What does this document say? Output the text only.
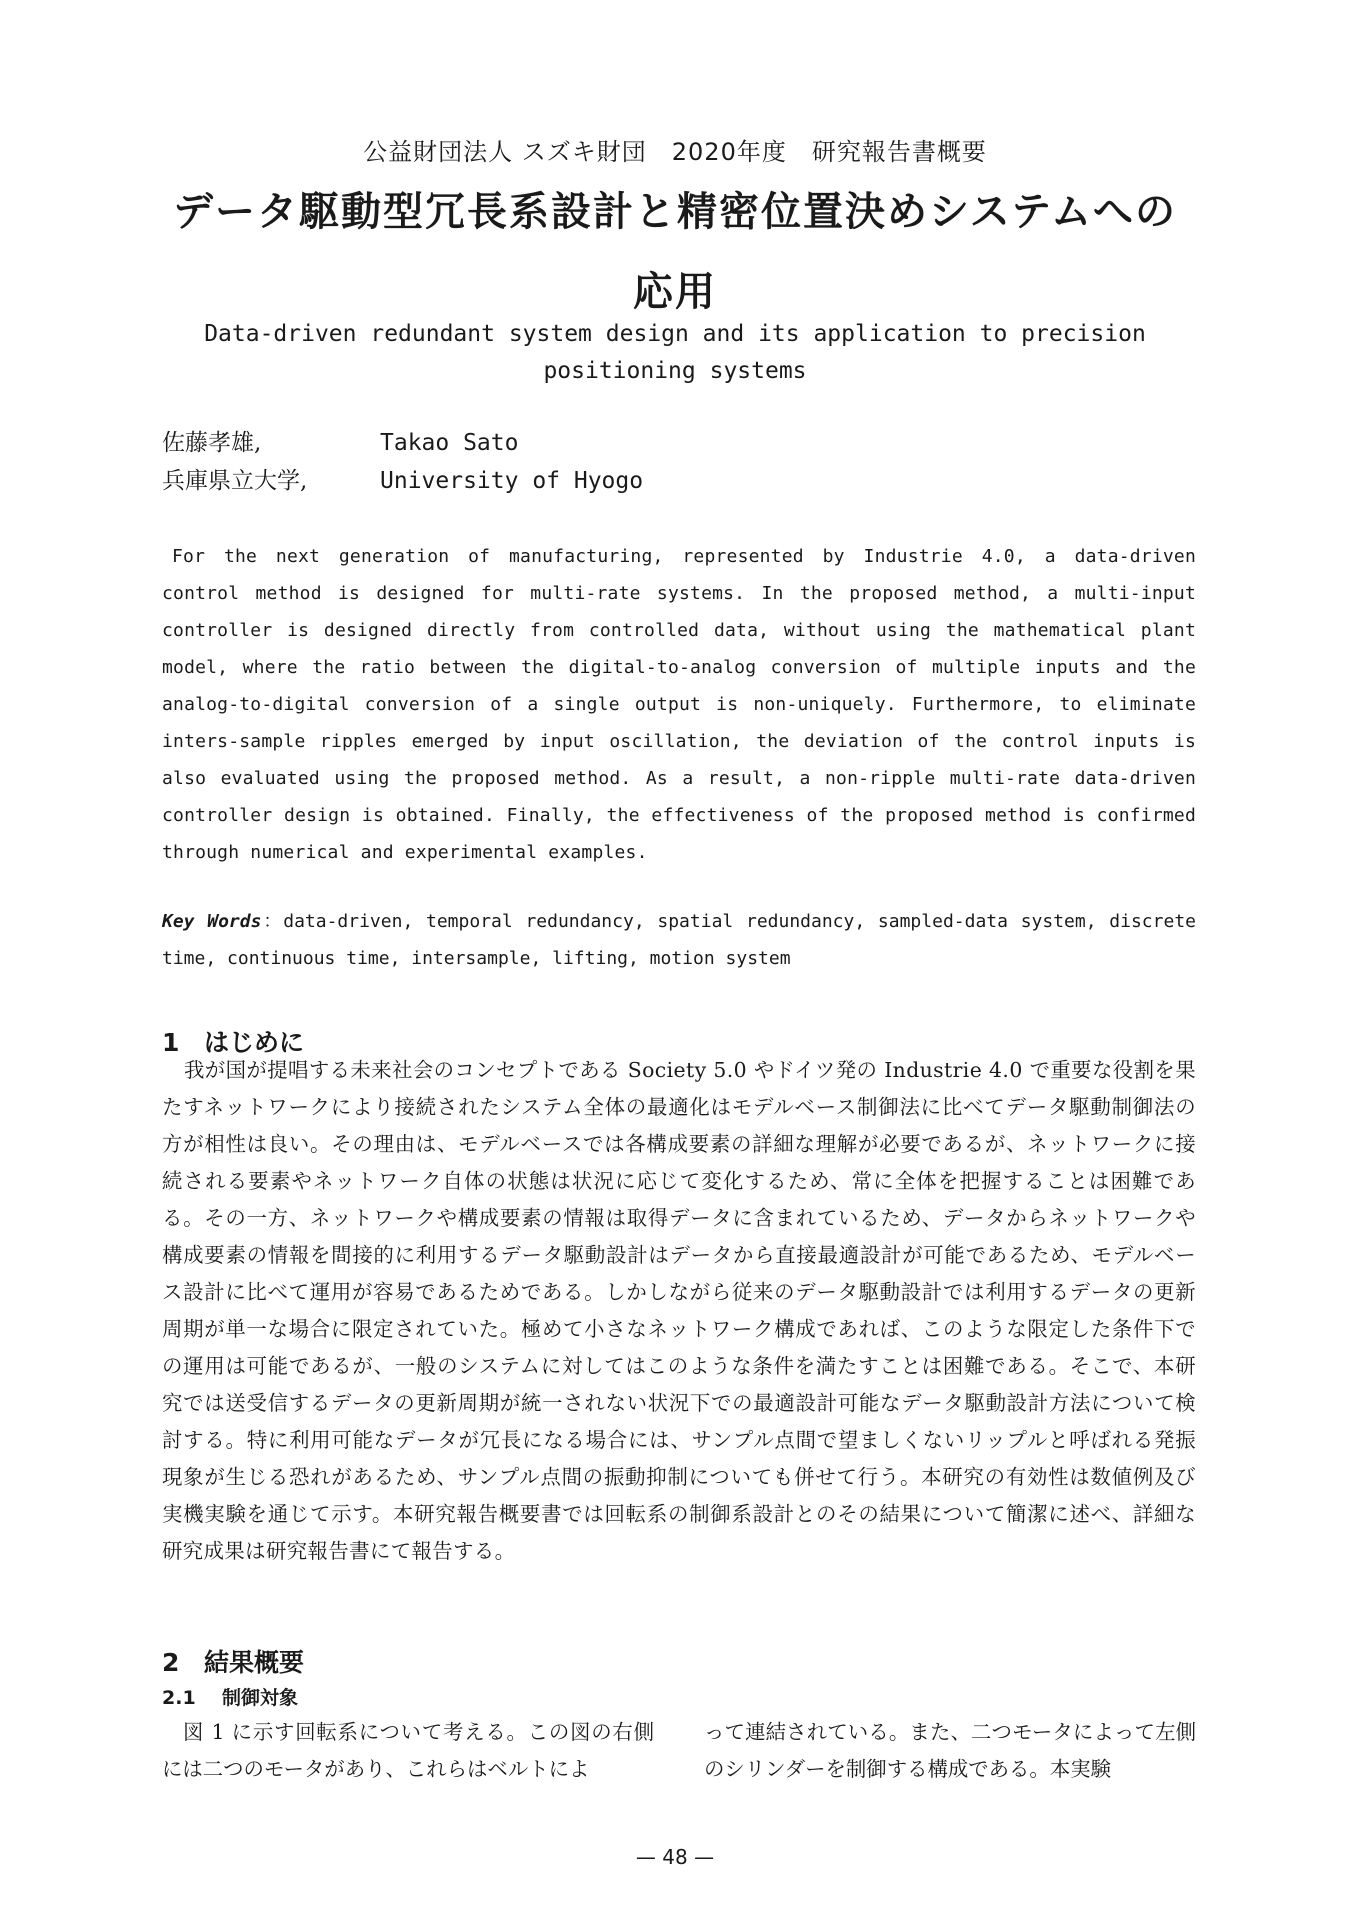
公益財団法人 スズキ財団　2020年度　研究報告書概要
データ駆動型冗長系設計と精密位置決めシステムへの応用
Data-driven redundant system design and its application to precision positioning systems
佐藤孝雄,	Takao Sato
兵庫県立大学,	University of Hyogo
For the next generation of manufacturing, represented by Industrie 4.0, a data-driven control method is designed for multi-rate systems. In the proposed method, a multi-input controller is designed directly from controlled data, without using the mathematical plant model, where the ratio between the digital-to-analog conversion of multiple inputs and the analog-to-digital conversion of a single output is non-uniquely. Furthermore, to eliminate inters-sample ripples emerged by input oscillation, the deviation of the control inputs is also evaluated using the proposed method. As a result, a non-ripple multi-rate data-driven controller design is obtained. Finally, the effectiveness of the proposed method is confirmed through numerical and experimental examples.
Key Words：data-driven, temporal redundancy, spatial redundancy, sampled-data system, discrete time, continuous time, intersample, lifting, motion system
1 はじめに
我が国が提唱する未来社会のコンセプトである Society 5.0 やドイツ発の Industrie 4.0 で重要な役割を果たすネットワークにより接続されたシステム全体の最適化はモデルベース制御法に比べてデータ駆動制御法の方が相性は良い。その理由は、モデルベースでは各構成要素の詳細な理解が必要であるが、ネットワークに接続される要素やネットワーク自体の状態は状況に応じて変化するため、常に全体を把握することは困難である。その一方、ネットワークや構成要素の情報は取得データに含まれているため、データからネットワークや構成要素の情報を間接的に利用するデータ駆動設計はデータから直接最適設計が可能であるため、モデルベース設計に比べて運用が容易であるためである。しかしながら従来のデータ駆動設計では利用するデータの更新周期が単一な場合に限定されていた。極めて小さなネットワーク構成であれば、このような限定した条件下での運用は可能であるが、一般のシステムに対してはこのような条件を満たすことは困難である。そこで、本研究では送受信するデータの更新周期が統一されない状況下での最適設計可能なデータ駆動設計方法について検討する。特に利用可能なデータが冗長になる場合には、サンプル点間で望ましくないリップルと呼ばれる発振現象が生じる恐れがあるため、サンプル点間の振動抑制についても併せて行う。本研究の有効性は数値例及び実機実験を通じて示す。本研究報告概要書では回転系の制御系設計とのその結果について簡潔に述べ、詳細な研究成果は研究報告書にて報告する。
2 結果概要
2.1 制御対象
図 1 に示す回転系について考える。この図の右側には二つのモータがあり、これらはベルトによ
って連結されている。また、二つモータによって左側のシリンダーを制御する構成である。本実験
— 48 —
